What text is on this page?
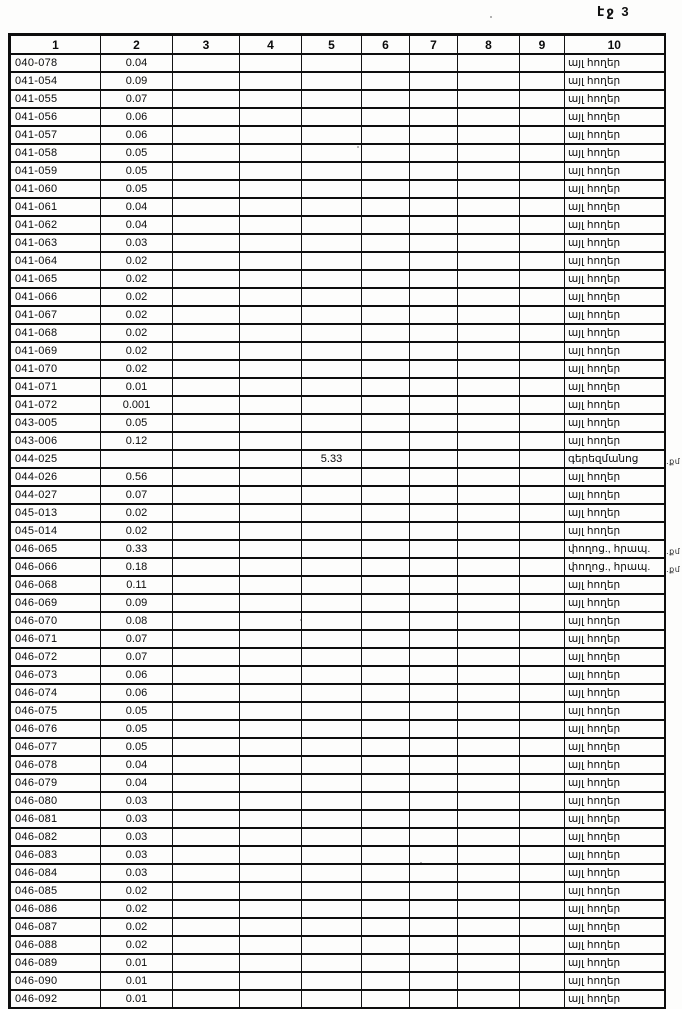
էջ 3
1	2	3	4	5	6	7	8	9	10
040-078	0.04								այլ հողեր
041-054	0.09								այլ հողեր
041-055	0.07								այլ հողեր
041-056	0.06								այլ հողեր
041-057	0.06								այլ հողեր
041-058	0.05								այլ հողեր
041-059	0.05								այլ հողեր
041-060	0.05								այլ հողեր
041-061	0.04								այլ հողեր
041-062	0.04								այլ հողեր
041-063	0.03								այլ հողեր
041-064	0.02								այլ հողեր
041-065	0.02								այլ հողեր
041-066	0.02								այլ հողեր
041-067	0.02								այլ հողեր
041-068	0.02								այլ հողեր
041-069	0.02								այլ հողեր
041-070	0.02								այլ հողեր
041-071	0.01								այլ հողեր
041-072	0.001								այլ հողեր
043-005	0.05								այլ հողեր
043-006	0.12								այլ հողեր
044-025				5.33					գերեզմանոց ․քմ

044-026	0.56								այլ հողեր
044-027	0.07								այլ հողեր
045-013	0.02								այլ հողեր
045-014	0.02								այլ հողեր
046-065	0.33								փողոց., հրապ. ․քմ

046-066	0.18								փողոց., հրապ. ․քմ

046-068	0.11								այլ հողեր
046-069	0.09								այլ հողեր
046-070	0.08								այլ հողեր
046-071	0.07								այլ հողեր
046-072	0.07								այլ հողեր
046-073	0.06								այլ հողեր
046-074	0.06								այլ հողեր
046-075	0.05								այլ հողեր
046-076	0.05								այլ հողեր
046-077	0.05								այլ հողեր
046-078	0.04								այլ հողեր
046-079	0.04								այլ հողեր
046-080	0.03								այլ հողեր
046-081	0.03								այլ հողեր
046-082	0.03								այլ հողեր
046-083	0.03								այլ հողեր
046-084	0.03								այլ հողեր
046-085	0.02								այլ հողեր
046-086	0.02								այլ հողեր
046-087	0.02								այլ հողեր
046-088	0.02								այլ հողեր
046-089	0.01								այլ հողեր
046-090	0.01								այլ հողեր
046-092	0.01								այլ հողեր
